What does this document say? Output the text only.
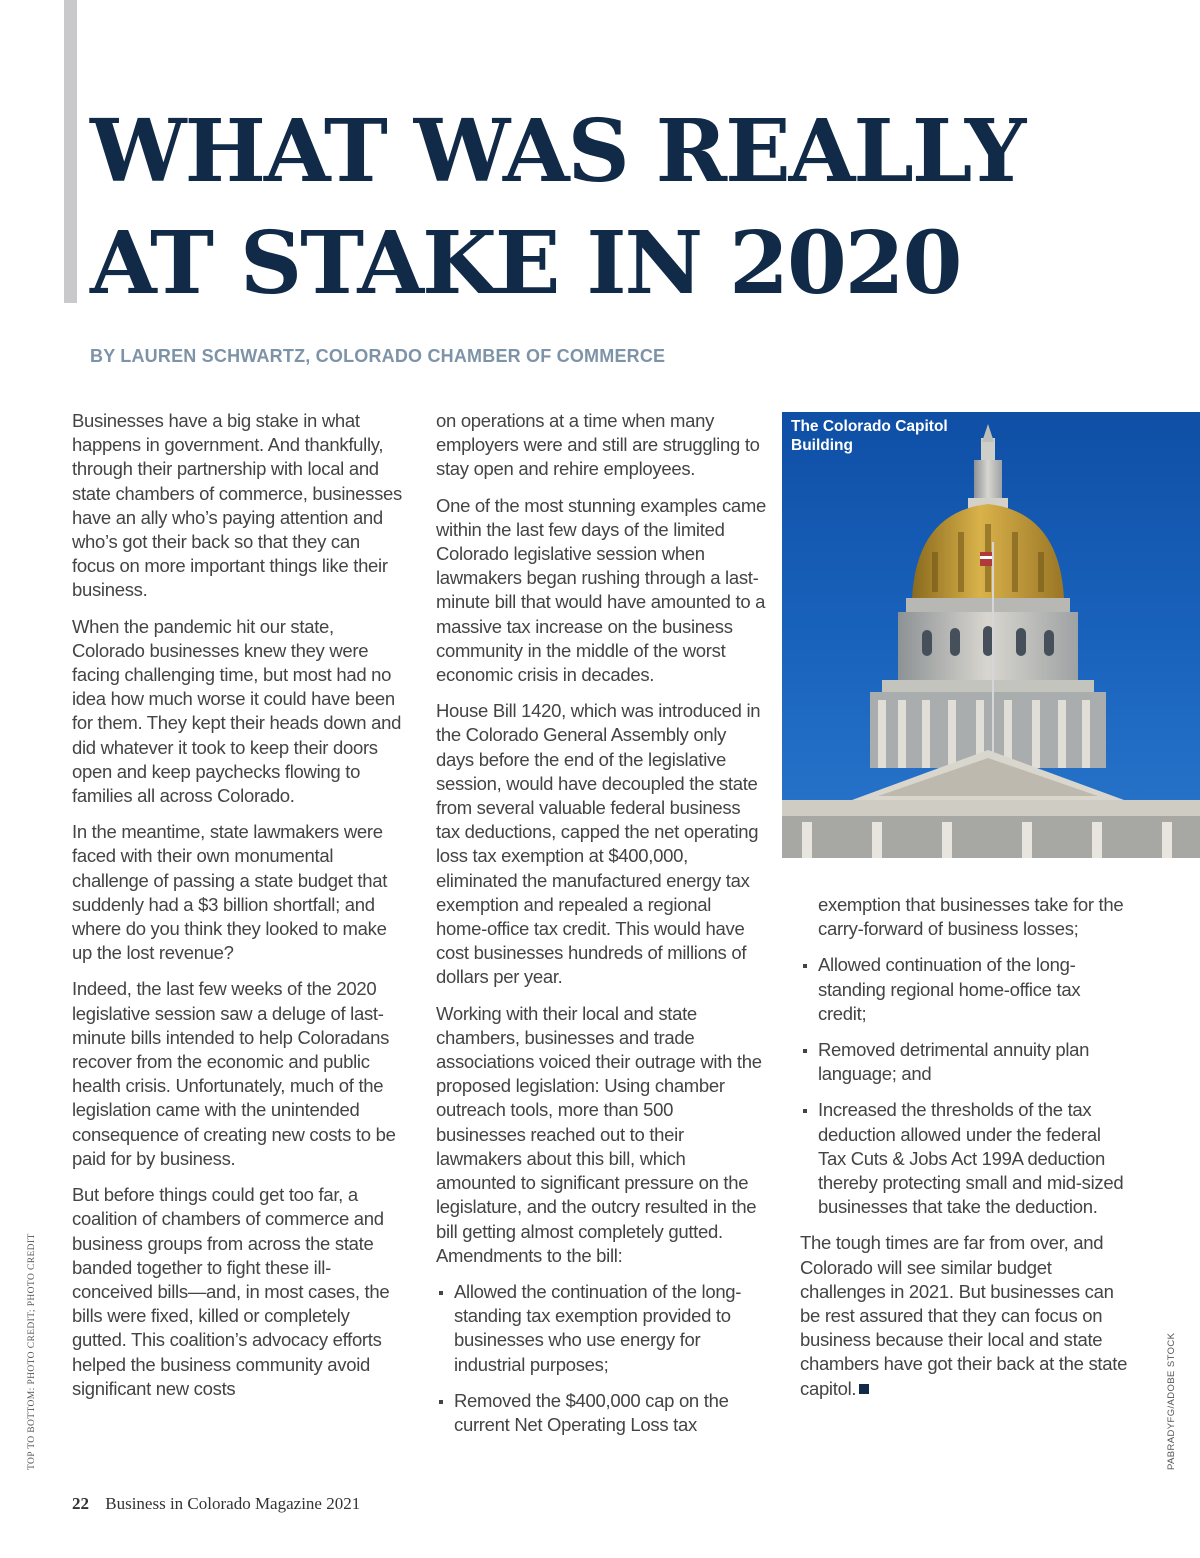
WHAT WAS REALLY
AT STAKE IN 2020

BY LAUREN SCHWARTZ, COLORADO CHAMBER OF COMMERCE

Businesses have a big stake in what happens in government. And thankfully, through their partnership with local and state chambers of commerce, businesses have an ally who’s paying attention and who’s got their back so that they can focus on more important things like their business.

When the pandemic hit our state, Colorado businesses knew they were facing challenging time, but most had no idea how much worse it could have been for them. They kept their heads down and did whatever it took to keep their doors open and keep paychecks flowing to families all across Colorado.

In the meantime, state lawmakers were faced with their own monumental challenge of passing a state budget that suddenly had a $3 billion shortfall; and where do you think they looked to make up the lost revenue?

Indeed, the last few weeks of the 2020 legislative session saw a deluge of last-minute bills intended to help Coloradans recover from the economic and public health crisis. Unfortunately, much of the legislation came with the unintended consequence of creating new costs to be paid for by business.

But before things could get too far, a coalition of chambers of commerce and business groups from across the state banded together to fight these ill-conceived bills—and, in most cases, the bills were fixed, killed or completely gutted. This coalition’s advocacy efforts helped the business community avoid significant new costs

on operations at a time when many employers were and still are struggling to stay open and rehire employees.

One of the most stunning examples came within the last few days of the limited Colorado legislative session when lawmakers began rushing through a last-minute bill that would have amounted to a massive tax increase on the business community in the middle of the worst economic crisis in decades.

House Bill 1420, which was introduced in the Colorado General Assembly only days before the end of the legislative session, would have decoupled the state from several valuable federal business tax deductions, capped the net operating loss tax exemption at $400,000, eliminated the manufactured energy tax exemption and repealed a regional home-office tax credit. This would have cost businesses hundreds of millions of dollars per year.

Working with their local and state chambers, businesses and trade associations voiced their outrage with the proposed legislation: Using chamber outreach tools, more than 500 businesses reached out to their lawmakers about this bill, which amounted to significant pressure on the legislature, and the outcry resulted in the bill getting almost completely gutted. Amendments to the bill:

Allowed the continuation of the long-standing tax exemption provided to businesses who use energy for industrial purposes;
Removed the $400,000 cap on the current Net Operating Loss tax

The Colorado Capitol Building

exemption that businesses take for the carry-forward of business losses;
Allowed continuation of the long-standing regional home-office tax credit;
Removed detrimental annuity plan language; and
Increased the thresholds of the tax deduction allowed under the federal Tax Cuts & Jobs Act 199A deduction thereby protecting small and mid-sized businesses that take the deduction.

The tough times are far from over, and Colorado will see similar budget challenges in 2021. But businesses can be rest assured that they can focus on business because their local and state chambers have got their back at the state capitol.

TOP TO BOTTOM: PHOTO CREDIT; PHOTO CREDIT	PABRADYFG/ADOBE STOCK
22 Business in Colorado Magazine 2021
